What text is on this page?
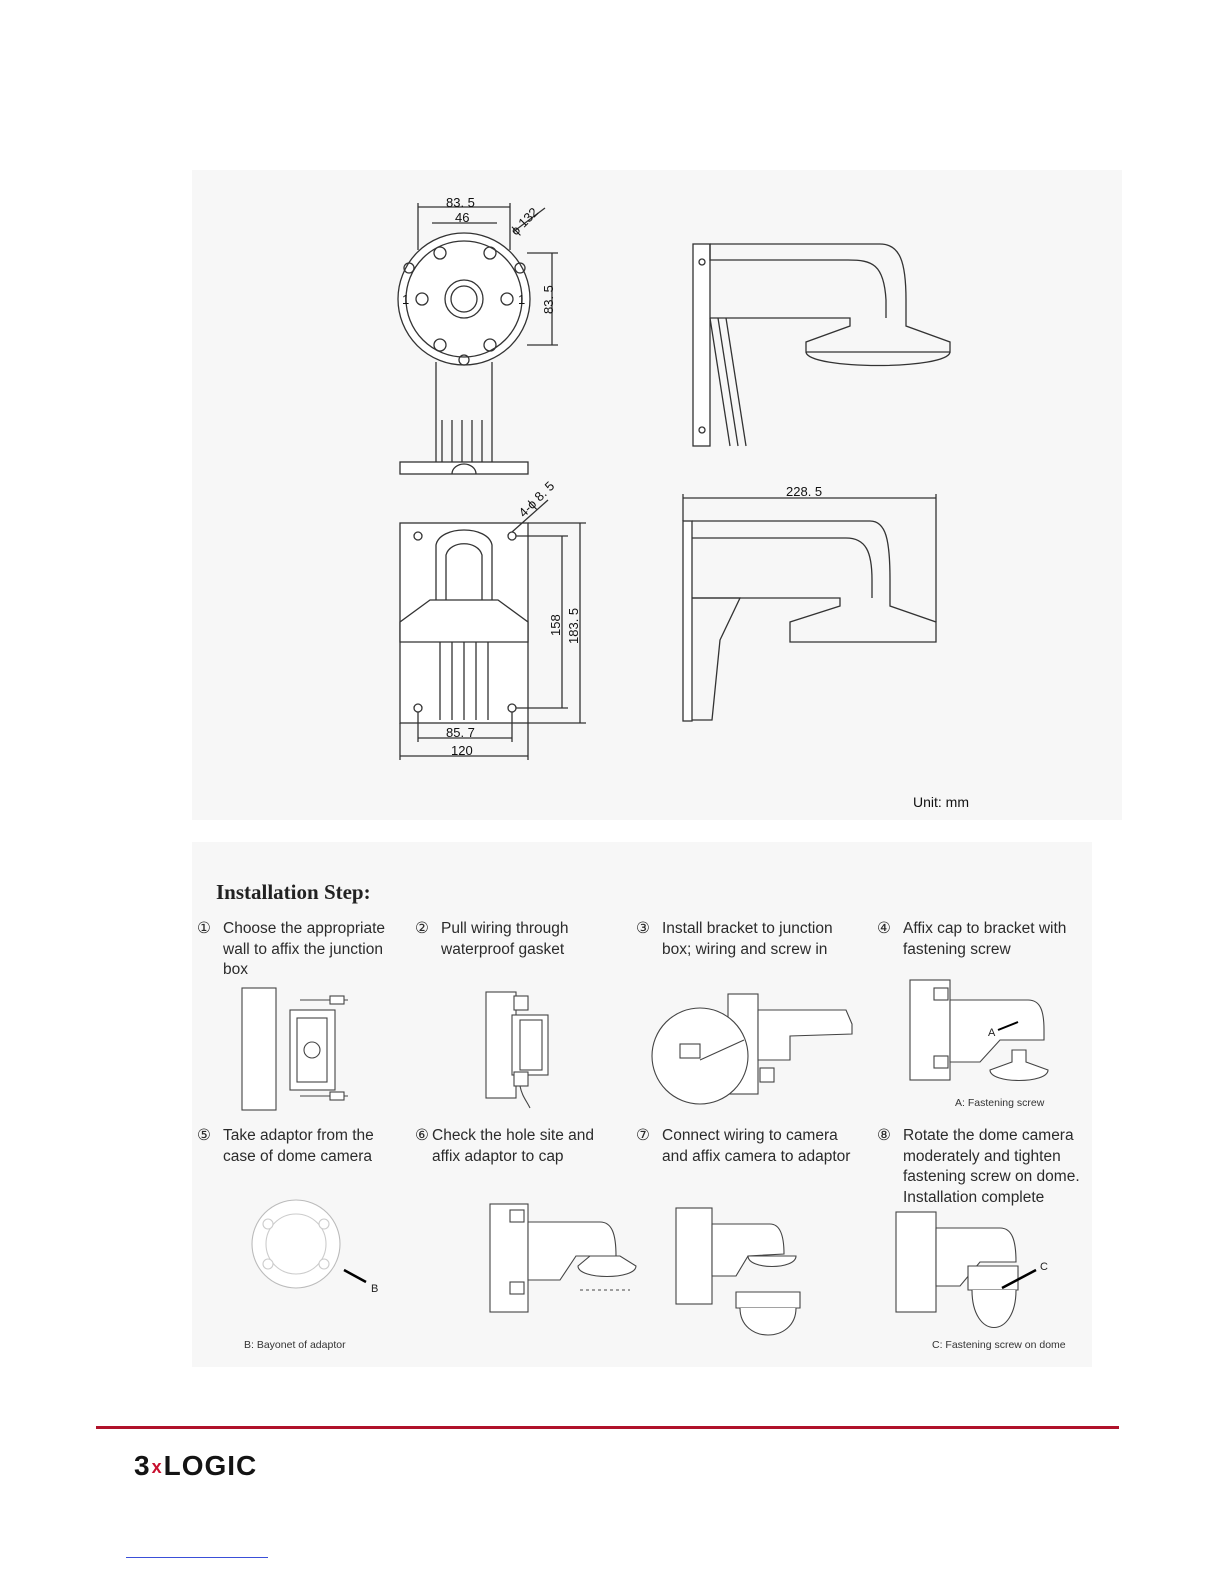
83. 5
46	ϕ 132
83. 5
1	1
4-ϕ 8. 5
158 183. 5
85. 7
120
228. 5
Unit: mm
Installation Step:
① Choose the appropriate
wall to affix the junction
box
② Pull wiring through
waterproof gasket
③ Install bracket to junction
box; wiring and screw in
④ Affix cap to bracket with
fastening screw
⑤ Take adaptor from the
case of dome camera
⑥ Check the hole site and
affix adaptor to cap
⑦ Connect wiring to camera
and affix camera to adaptor
⑧ Rotate the dome camera
moderately and tighten
fastening screw on dome.
Installation complete
A
B
C
A: Fastening screw
B: Bayonet of adaptor	C: Fastening screw on dome
3xLOGIC
